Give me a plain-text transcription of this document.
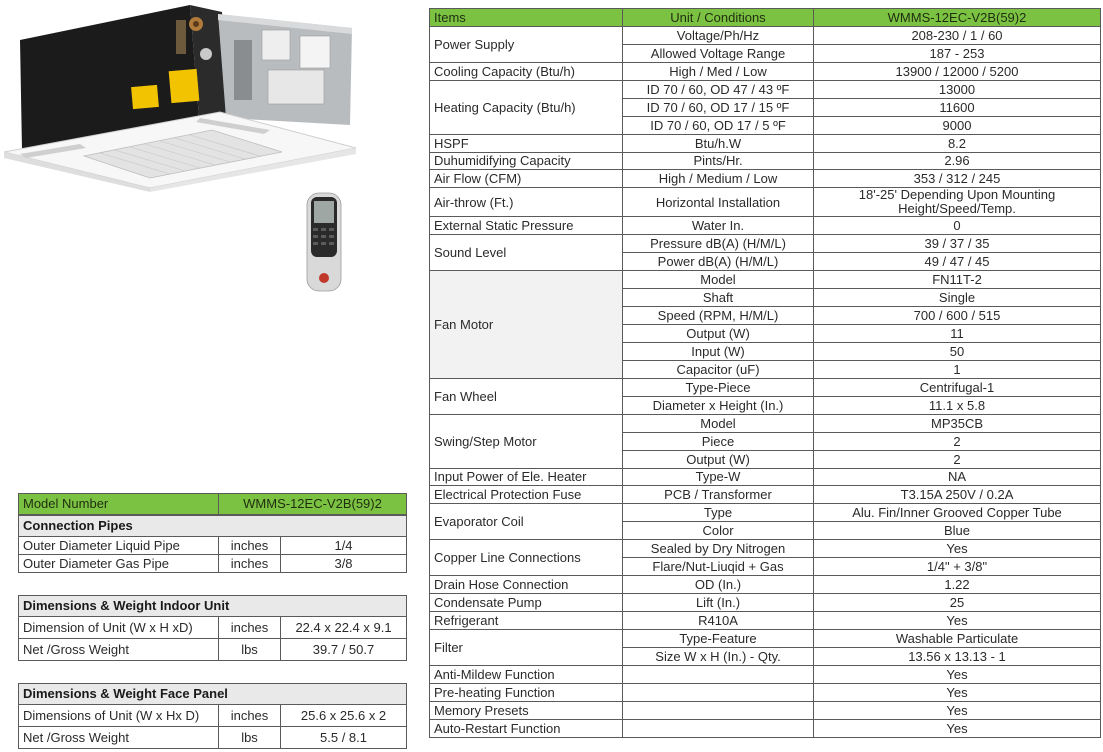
Items	Unit / Conditions	WMMS-12EC-V2B(59)2
Power Supply	Voltage/Ph/Hz	208-230 / 1 / 60
	Allowed Voltage Range	187 - 253
Cooling Capacity (Btu/h)	High / Med / Low	13900 / 12000 / 5200
Heating Capacity (Btu/h)	ID 70 / 60, OD 47 / 43 ºF	13000
	ID 70 / 60, OD 17 / 15 ºF	11600
	ID 70 / 60, OD 17 / 5 ºF	9000
HSPF	Btu/h.W	8.2
Duhumidifying Capacity	Pints/Hr.	2.96
Air Flow (CFM)	High / Medium / Low	353 / 312 / 245
Air-throw (Ft.)	Horizontal Installation	18'-25' Depending Upon Mounting Height/Speed/Temp.
External Static Pressure	Water In.	0
Sound Level	Pressure dB(A) (H/M/L)	39 / 37 / 35
	Power dB(A) (H/M/L)	49 / 47 / 45
Fan Motor	Model	FN11T-2
	Shaft	Single
	Speed (RPM, H/M/L)	700 / 600 / 515
	Output (W)	11
	Input (W)	50
	Capacitor (uF)	1
Fan Wheel	Type-Piece	Centrifugal-1
	Diameter x Height (In.)	11.1 x 5.8
Swing/Step Motor	Model	MP35CB
	Piece	2
	Output (W)	2
Input Power of Ele. Heater	Type-W	NA
Electrical Protection Fuse	PCB / Transformer	T3.15A 250V / 0.2A
Evaporator Coil	Type	Alu. Fin/Inner Grooved Copper Tube
	Color	Blue
Copper Line Connections	Sealed by Dry Nitrogen	Yes
	Flare/Nut-Liuqid + Gas	1/4" + 3/8"
Drain Hose Connection	OD (In.)	1.22
Condensate Pump	Lift (In.)	25
Refrigerant	R410A	Yes
Filter	Type-Feature	Washable Particulate
	Size W x H (In.) - Qty.	13.56 x 13.13 - 1
Anti-Mildew Function		Yes
Pre-heating Function		Yes
Memory Presets		Yes
Auto-Restart Function		Yes
Model Number	WMMS-12EC-V2B(59)2
Connection Pipes		
Outer Diameter Liquid Pipe	inches	1/4
Outer Diameter Gas Pipe	inches	3/8
Dimensions & Weight Indoor Unit		
Dimension of Unit (W x H xD)	inches	22.4 x 22.4 x 9.1
Net /Gross Weight	lbs	39.7 / 50.7
Dimensions & Weight Face Panel		
Dimensions of Unit (W x Hx D)	inches	25.6 x 25.6 x 2
Net /Gross Weight	lbs	5.5 / 8.1
